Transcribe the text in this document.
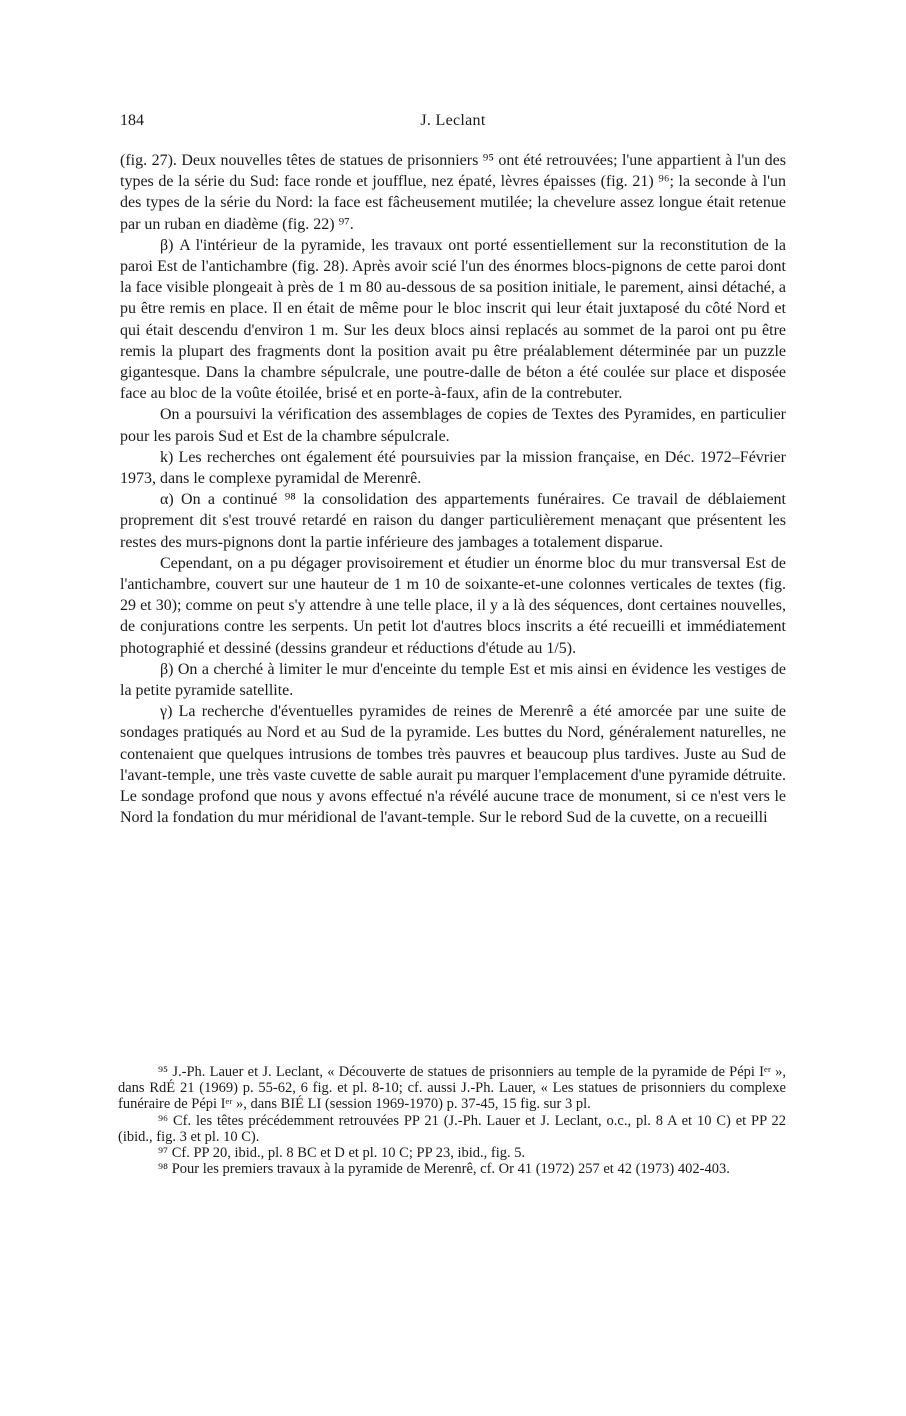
184	J. Leclant

(fig. 27). Deux nouvelles têtes de statues de prisonniers ⁹⁵ ont été retrouvées; l'une appartient à l'un des types de la série du Sud: face ronde et joufflue, nez épaté, lèvres épaisses (fig. 21) ⁹⁶; la seconde à l'un des types de la série du Nord: la face est fâcheusement mutilée; la chevelure assez longue était retenue par un ruban en diadème (fig. 22) ⁹⁷.

β) A l'intérieur de la pyramide, les travaux ont porté essentiellement sur la reconstitution de la paroi Est de l'antichambre (fig. 28). Après avoir scié l'un des énormes blocs-pignons de cette paroi dont la face visible plongeait à près de 1 m 80 au-dessous de sa position initiale, le parement, ainsi détaché, a pu être remis en place. Il en était de même pour le bloc inscrit qui leur était juxtaposé du côté Nord et qui était descendu d'environ 1 m. Sur les deux blocs ainsi replacés au sommet de la paroi ont pu être remis la plupart des fragments dont la position avait pu être préalablement déterminée par un puzzle gigantesque. Dans la chambre sépulcrale, une poutre-dalle de béton a été coulée sur place et disposée face au bloc de la voûte étoilée, brisé et en porte-à-faux, afin de la contrebuter.

On a poursuivi la vérification des assemblages de copies de Textes des Pyramides, en particulier pour les parois Sud et Est de la chambre sépulcrale.

k) Les recherches ont également été poursuivies par la mission française, en Déc. 1972–Février 1973, dans le complexe pyramidal de Merenrê.

α) On a continué ⁹⁸ la consolidation des appartements funéraires. Ce travail de déblaiement proprement dit s'est trouvé retardé en raison du danger particulièrement menaçant que présentent les restes des murs-pignons dont la partie inférieure des jambages a totalement disparue.

Cependant, on a pu dégager provisoirement et étudier un énorme bloc du mur transversal Est de l'antichambre, couvert sur une hauteur de 1 m 10 de soixante-et-une colonnes verticales de textes (fig. 29 et 30); comme on peut s'y attendre à une telle place, il y a là des séquences, dont certaines nouvelles, de conjurations contre les serpents. Un petit lot d'autres blocs inscrits a été recueilli et immédiatement photographié et dessiné (dessins grandeur et réductions d'étude au 1/5).

β) On a cherché à limiter le mur d'enceinte du temple Est et mis ainsi en évidence les vestiges de la petite pyramide satellite.

γ) La recherche d'éventuelles pyramides de reines de Merenrê a été amorcée par une suite de sondages pratiqués au Nord et au Sud de la pyramide. Les buttes du Nord, généralement naturelles, ne contenaient que quelques intrusions de tombes très pauvres et beaucoup plus tardives. Juste au Sud de l'avant-temple, une très vaste cuvette de sable aurait pu marquer l'emplacement d'une pyramide détruite. Le sondage profond que nous y avons effectué n'a révélé aucune trace de monument, si ce n'est vers le Nord la fondation du mur méridional de l'avant-temple. Sur le rebord Sud de la cuvette, on a recueilli

⁹⁵ J.-Ph. Lauer et J. Leclant, « Découverte de statues de prisonniers au temple de la pyramide de Pépi Iᵉʳ », dans RdÉ 21 (1969) p. 55-62, 6 fig. et pl. 8-10; cf. aussi J.-Ph. Lauer, « Les statues de prisonniers du complexe funéraire de Pépi Iᵉʳ », dans BIÉ LI (session 1969-1970) p. 37-45, 15 fig. sur 3 pl.

⁹⁶ Cf. les têtes précédemment retrouvées PP 21 (J.-Ph. Lauer et J. Leclant, o.c., pl. 8 A et 10 C) et PP 22 (ibid., fig. 3 et pl. 10 C).

⁹⁷ Cf. PP 20, ibid., pl. 8 BC et D et pl. 10 C; PP 23, ibid., fig. 5.

⁹⁸ Pour les premiers travaux à la pyramide de Merenrê, cf. Or 41 (1972) 257 et 42 (1973) 402-403.
